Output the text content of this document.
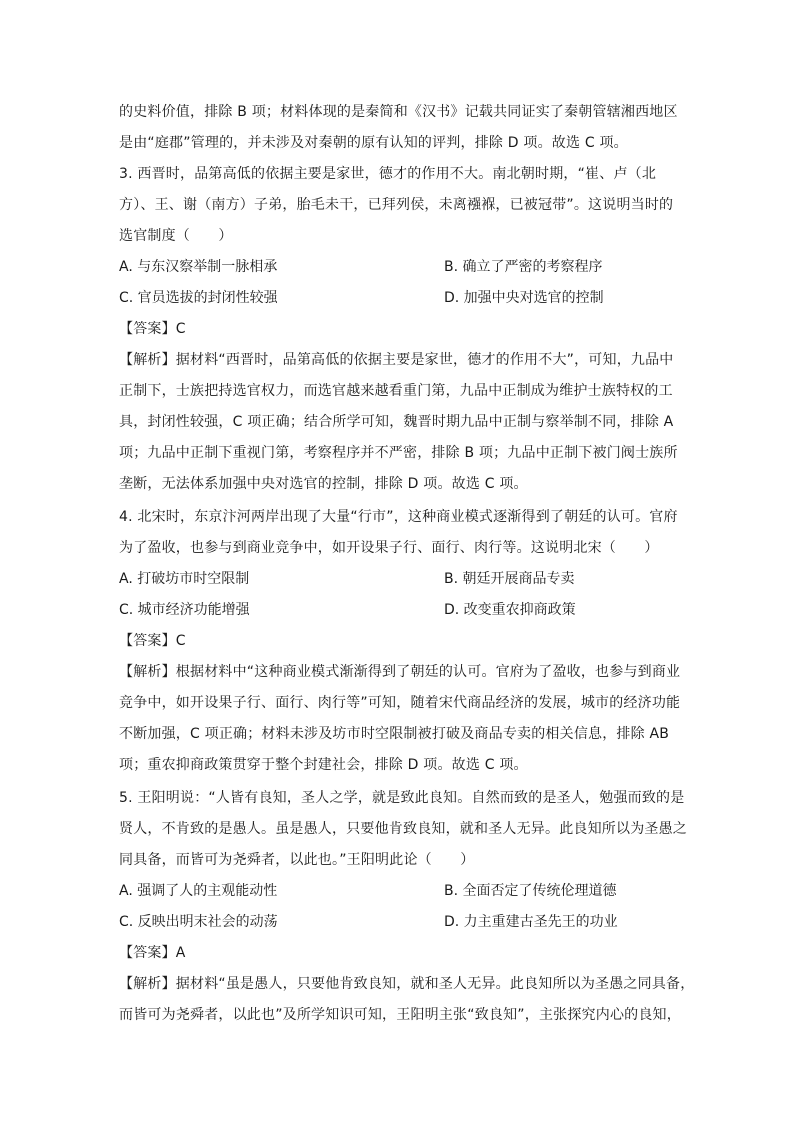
的史料价值，排除 B 项；材料体现的是秦简和《汉书》记载共同证实了秦朝管辖湘西地区
是由“庭郡”管理的，并未涉及对秦朝的原有认知的评判，排除 D 项。故选 C 项。
3. 西晋时，品第高低的依据主要是家世，德才的作用不大。南北朝时期，“崔、卢（北
方）、王、谢（南方）子弟，胎毛未干，已拜列侯，未离襁褓，已被冠带”。这说明当时的
选官制度（　　）
A. 与东汉察举制一脉相承	B. 确立了严密的考察程序
C. 官员选拔的封闭性较强	D. 加强中央对选官的控制
【答案】C
【解析】据材料“西晋时，品第高低的依据主要是家世，德才的作用不大”，可知，九品中
正制下，士族把持选官权力，而选官越来越看重门第，九品中正制成为维护士族特权的工
具，封闭性较强，C 项正确；结合所学可知，魏晋时期九品中正制与察举制不同，排除 A
项；九品中正制下重视门第，考察程序并不严密，排除 B 项；九品中正制下被门阀士族所
垄断，无法体系加强中央对选官的控制，排除 D 项。故选 C 项。
4. 北宋时，东京汴河两岸出现了大量“行市”，这种商业模式逐渐得到了朝廷的认可。官府
为了盈收，也参与到商业竞争中，如开设果子行、面行、肉行等。这说明北宋（　　）
A. 打破坊市时空限制	B. 朝廷开展商品专卖
C. 城市经济功能增强	D. 改变重农抑商政策
【答案】C
【解析】根据材料中“这种商业模式渐渐得到了朝廷的认可。官府为了盈收，也参与到商业
竞争中，如开设果子行、面行、肉行等”可知，随着宋代商品经济的发展，城市的经济功能
不断加强，C 项正确；材料未涉及坊市时空限制被打破及商品专卖的相关信息，排除 AB
项；重农抑商政策贯穿于整个封建社会，排除 D 项。故选 C 项。
5. 王阳明说：“人皆有良知，圣人之学，就是致此良知。自然而致的是圣人，勉强而致的是
贤人，不肯致的是愚人。虽是愚人，只要他肯致良知，就和圣人无异。此良知所以为圣愚之
同具备，而皆可为尧舜者，以此也。”王阳明此论（　　）
A. 强调了人的主观能动性	B. 全面否定了传统伦理道德
C. 反映出明末社会的动荡	D. 力主重建古圣先王的功业
【答案】A
【解析】据材料“虽是愚人，只要他肯致良知，就和圣人无异。此良知所以为圣愚之同具备，
而皆可为尧舜者，以此也”及所学知识可知，王阳明主张“致良知”，主张探究内心的良知，
